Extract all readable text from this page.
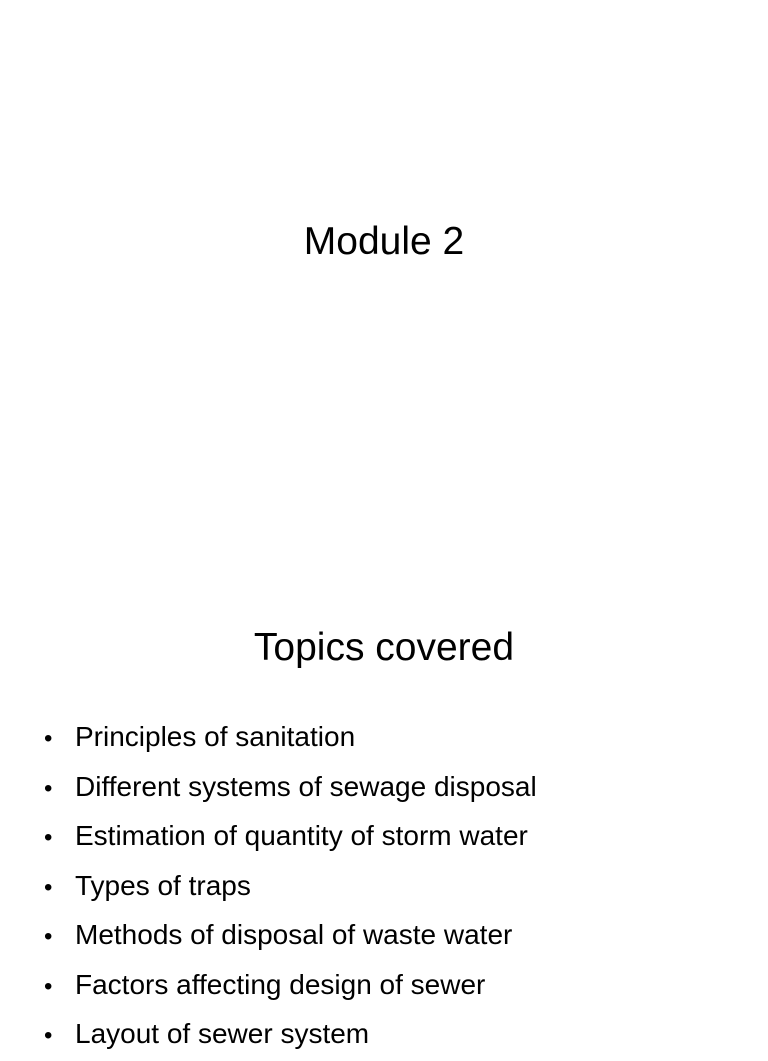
Module 2
Topics covered
• Principles of sanitation
• Different systems of sewage disposal
• Estimation of quantity of storm water
• Types of traps
• Methods of disposal of waste water
• Factors affecting design of sewer
• Layout of sewer system
